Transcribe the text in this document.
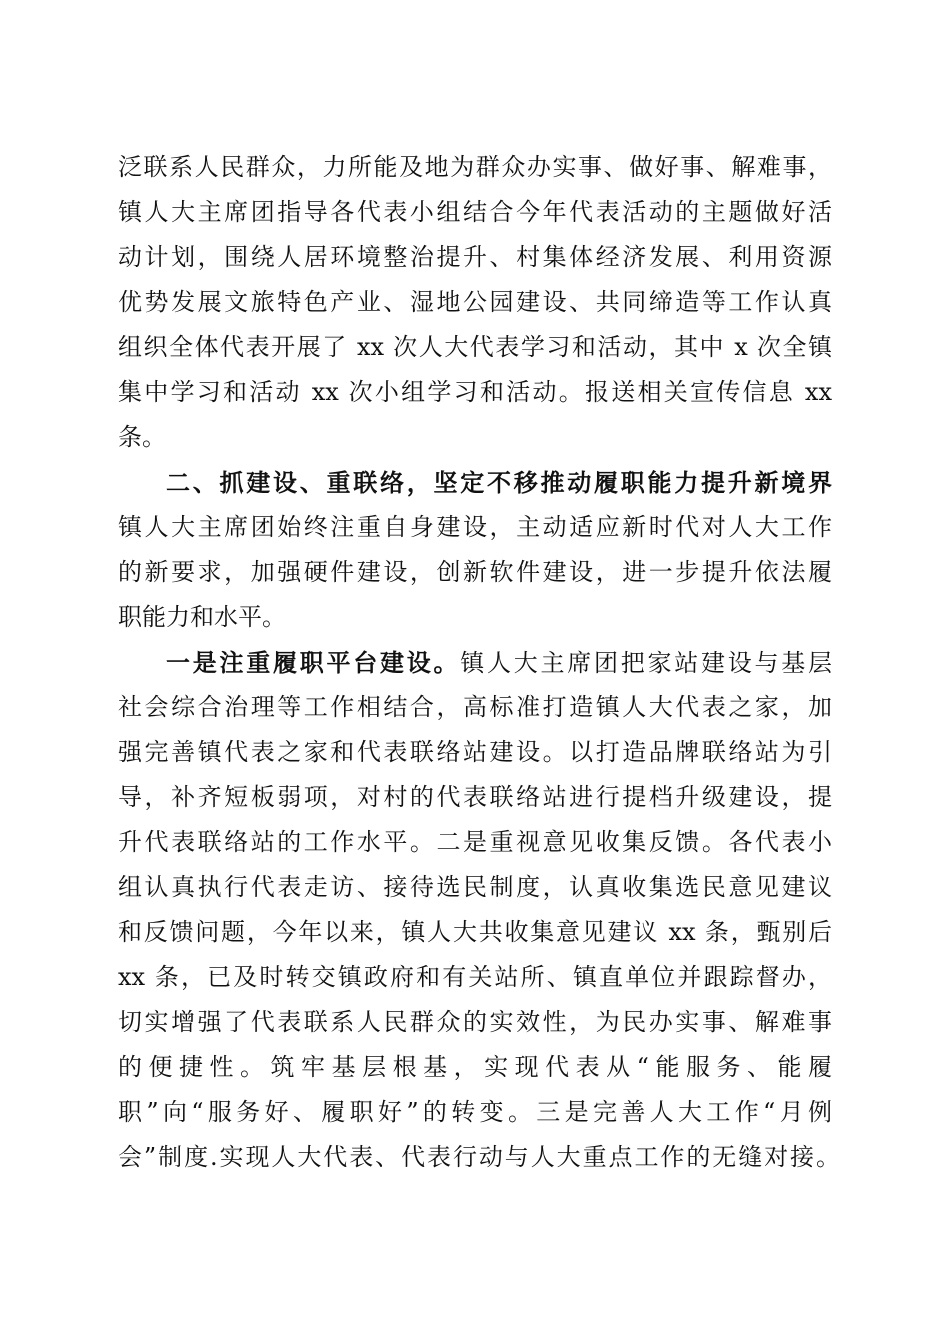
泛联系人民群众，力所能及地为群众办实事、做好事、解难事，
镇人大主席团指导各代表小组结合今年代表活动的主题做好活
动计划，围绕人居环境整治提升、村集体经济发展、利用资源
优势发展文旅特色产业、湿地公园建设、共同缔造等工作认真
组织全体代表开展了 xx 次人大代表学习和活动，其中 x 次全镇
集中学习和活动 xx 次小组学习和活动。报送相关宣传信息 xx
条。
二、抓建设、重联络，坚定不移推动履职能力提升新境界
镇人大主席团始终注重自身建设，主动适应新时代对人大工作
的新要求，加强硬件建设，创新软件建设，进一步提升依法履
职能力和水平。
一是注重履职平台建设。镇人大主席团把家站建设与基层
社会综合治理等工作相结合，高标准打造镇人大代表之家，加
强完善镇代表之家和代表联络站建设。以打造品牌联络站为引
导，补齐短板弱项，对村的代表联络站进行提档升级建设，提
升代表联络站的工作水平。二是重视意见收集反馈。各代表小
组认真执行代表走访、接待选民制度，认真收集选民意见建议
和反馈问题，今年以来，镇人大共收集意见建议 xx 条，甄别后
xx 条，已及时转交镇政府和有关站所、镇直单位并跟踪督办，
切实增强了代表联系人民群众的实效性，为民办实事、解难事
的便捷性。筑牢基层根基，实现代表从“能服务、能履
职”向“服务好、履职好”的转变。三是完善人大工作“月例
会”制度.实现人大代表、代表行动与人大重点工作的无缝对接。
